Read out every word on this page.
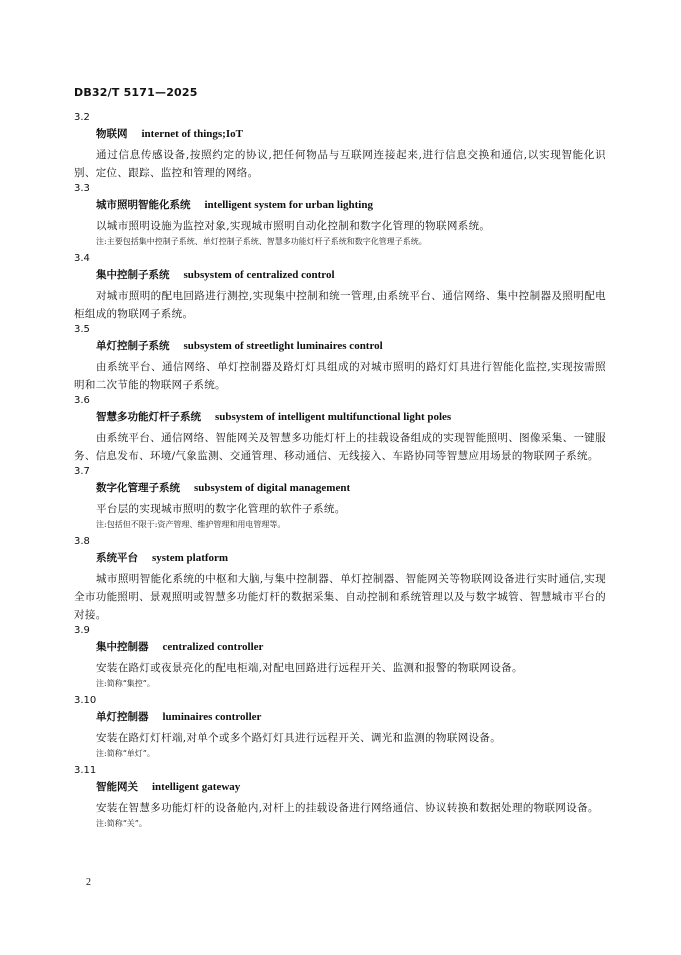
DB32/T 5171—2025
3.2
物联网 internet of things;IoT
通过信息传感设备,按照约定的协议,把任何物品与互联网连接起来,进行信息交换和通信,以实现智能化识别、定位、跟踪、监控和管理的网络。
3.3
城市照明智能化系统 intelligent system for urban lighting
以城市照明设施为监控对象,实现城市照明自动化控制和数字化管理的物联网系统。
注:主要包括集中控制子系统、单灯控制子系统、智慧多功能灯杆子系统和数字化管理子系统。
3.4
集中控制子系统 subsystem of centralized control
对城市照明的配电回路进行测控,实现集中控制和统一管理,由系统平台、通信网络、集中控制器及照明配电柜组成的物联网子系统。
3.5
单灯控制子系统 subsystem of streetlight luminaires control
由系统平台、通信网络、单灯控制器及路灯灯具组成的对城市照明的路灯灯具进行智能化监控,实现按需照明和二次节能的物联网子系统。
3.6
智慧多功能灯杆子系统 subsystem of intelligent multifunctional light poles
由系统平台、通信网络、智能网关及智慧多功能灯杆上的挂载设备组成的实现智能照明、图像采集、一键服务、信息发布、环境/气象监测、交通管理、移动通信、无线接入、车路协同等智慧应用场景的物联网子系统。
3.7
数字化管理子系统 subsystem of digital management
平台层的实现城市照明的数字化管理的软件子系统。
注:包括但不限于:资产管理、维护管理和用电管理等。
3.8
系统平台 system platform
城市照明智能化系统的中枢和大脑,与集中控制器、单灯控制器、智能网关等物联网设备进行实时通信,实现全市功能照明、景观照明或智慧多功能灯杆的数据采集、自动控制和系统管理以及与数字城管、智慧城市平台的对接。
3.9
集中控制器 centralized controller
安装在路灯或夜景亮化的配电柜端,对配电回路进行远程开关、监测和报警的物联网设备。
注:简称“集控”。
3.10
单灯控制器 luminaires controller
安装在路灯灯杆端,对单个或多个路灯灯具进行远程开关、调光和监测的物联网设备。
注:简称“单灯”。
3.11
智能网关 intelligent gateway
安装在智慧多功能灯杆的设备舱内,对杆上的挂载设备进行网络通信、协议转换和数据处理的物联网设备。
注:简称“关”。
2
